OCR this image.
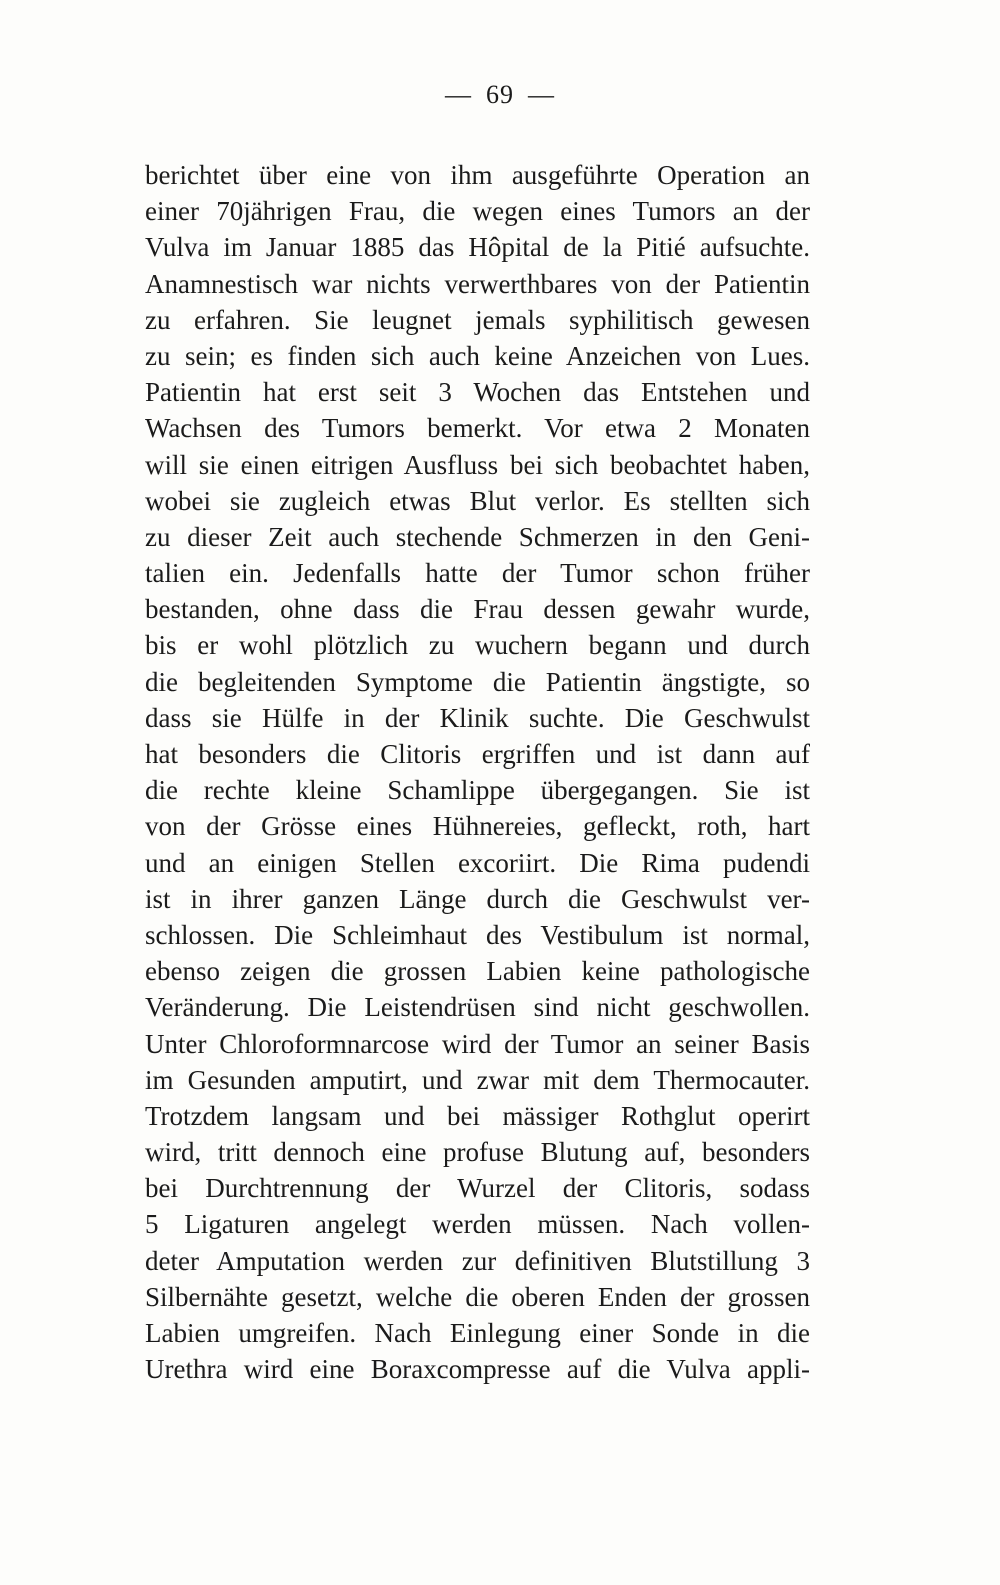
— 69 —
berichtet über eine von ihm ausgeführte Operation an
einer 70jährigen Frau, die wegen eines Tumors an der
Vulva im Januar 1885 das Hôpital de la Pitié aufsuchte.
Anamnestisch war nichts verwerthbares von der Patientin
zu erfahren. Sie leugnet jemals syphilitisch gewesen
zu sein; es finden sich auch keine Anzeichen von Lues.
Patientin hat erst seit 3 Wochen das Entstehen und
Wachsen des Tumors bemerkt. Vor etwa 2 Monaten
will sie einen eitrigen Ausfluss bei sich beobachtet haben,
wobei sie zugleich etwas Blut verlor. Es stellten sich
zu dieser Zeit auch stechende Schmerzen in den Geni-
talien ein. Jedenfalls hatte der Tumor schon früher
bestanden, ohne dass die Frau dessen gewahr wurde,
bis er wohl plötzlich zu wuchern begann und durch
die begleitenden Symptome die Patientin ängstigte, so
dass sie Hülfe in der Klinik suchte. Die Geschwulst
hat besonders die Clitoris ergriffen und ist dann auf
die rechte kleine Schamlippe übergegangen. Sie ist
von der Grösse eines Hühnereies, gefleckt, roth, hart
und an einigen Stellen excoriirt. Die Rima pudendi
ist in ihrer ganzen Länge durch die Geschwulst ver-
schlossen. Die Schleimhaut des Vestibulum ist normal,
ebenso zeigen die grossen Labien keine pathologische
Veränderung. Die Leistendrüsen sind nicht geschwollen.
Unter Chloroformnarcose wird der Tumor an seiner Basis
im Gesunden amputirt, und zwar mit dem Thermocauter.
Trotzdem langsam und bei mässiger Rothglut operirt
wird, tritt dennoch eine profuse Blutung auf, besonders
bei Durchtrennung der Wurzel der Clitoris, sodass
5 Ligaturen angelegt werden müssen. Nach vollen-
deter Amputation werden zur definitiven Blutstillung 3
Silbernähte gesetzt, welche die oberen Enden der grossen
Labien umgreifen. Nach Einlegung einer Sonde in die
Urethra wird eine Boraxcompresse auf die Vulva appli-
